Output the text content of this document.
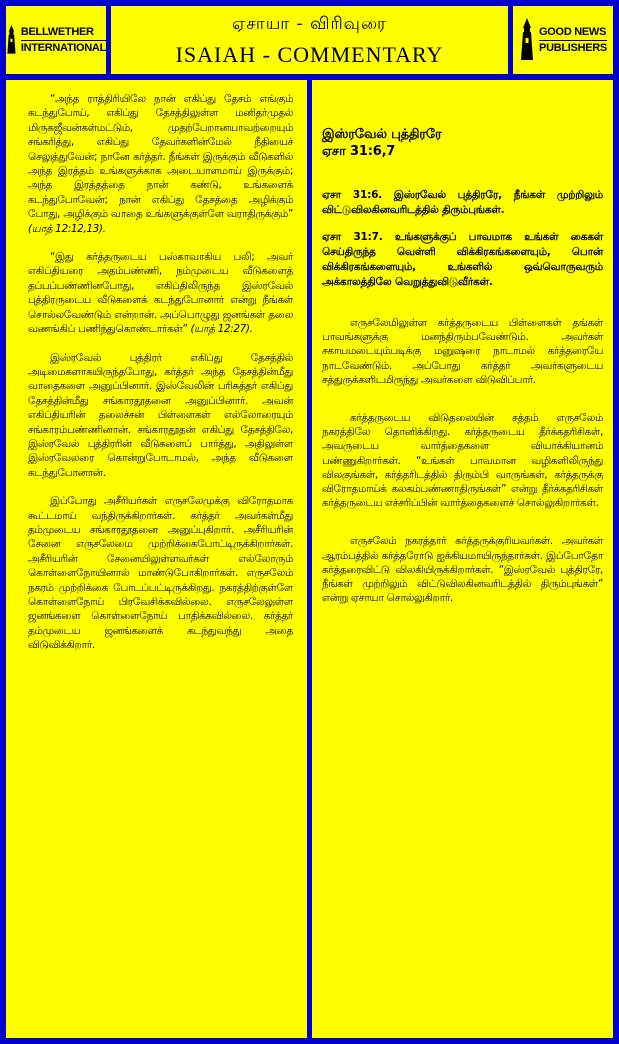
BELLWETHER
INTERNATIONAL
ஏசாயா - விரிவுரை
ISAIAH - COMMENTARY
GOOD NEWS
PUBLISHERS

“அந்த ராத்திரியிலே நான் எகிப்து தேசம் எங்கும் கடந்துபோய், எகிப்து தேசத்திலுள்ள மனிதர்முதல் மிருகஜீவன்கள்மட்டும், முதற்பேறானயாவற்றையும் சங்கரித்து, எகிப்து தேவர்களின்மேல் நீதியைச் செலுத்துவேன்; நானே கர்த்தர். நீங்கள் இருக்கும் வீடுகளில் அந்த இரத்தம் உங்களுக்காக அடையாளமாய் இருக்கும்; அந்த இரத்தத்தை நான் கண்டு, உங்களைக் கடந்துபோவேன்; நான் எகிப்து தேசத்தை அழிக்கும் போது, அழிக்கும் வாதை உங்களுக்குள்ளே வராதிருக்கும்” (யாத் 12:12,13).

“இது கர்த்தருடைய பஸ்காவாகிய பலி; அவர் எகிப்தியரை அதம்பண்ணி, நம்முடைய வீடுகளைத் தப்பப்பண்ணினபோது, எகிப்திலிருந்த இஸ்ரவேல் புத்திரருடைய வீடுகளைக் கடந்துபோனார் என்று நீங்கள் சொல்லவேண்டும் என்றான். அப்பொழுது ஜனங்கள் தலை வணங்கிப் பணிந்துகொண்டார்கள்” (யாத் 12:27).

இஸ்ரவேல் புத்திரர் எகிப்து தேசத்தில் அடிமைகளாகயிருந்தபோது, கர்த்தர் அந்த தேசத்தின்மீது வாதைகளை அனுப்பினார். இஸ்வேலின் பரிசுத்தர் எகிப்து தேசத்தின்மீது சங்காரதூதனை அனுப்பினார். அவன் எகிப்தியரின் தலைச்சன் பிள்ளைகள் எல்லோரையும் சங்காரம்பண்ணினான். சங்காரதூதன் எகிப்து தேசத்திலே, இஸ்ரவேல் புத்திரரின் வீடுகளைப் பார்த்து, அதிலுள்ள இஸ்ரவேலரை கொன்றுபோடாமல், அந்த வீடுகளை கடந்துபோனான்.

இப்போது அசீரியர்கள் எருசலேமுக்கு விரோதமாக கூட்டமாய் வந்திருக்கிறார்கள். கர்த்தர் அவர்கள்மீது தம்முடைய சங்காரதூதனை அனுப்புகிறார். அசீரியரின் சேனை எருசலேமை முற்றிக்கைபோட்டிருக்கிறார்கள். அசீரியரின் சேனையிலுள்ளவர்கள் எல்லோரும் கொள்ளைநோயினால் மாண்டுபோகிறார்கள். எருசலேம் நகரம் முற்றிக்கை போடப்பட்டிருக்கிறது. நகரத்திற்குள்ளே கொள்ளைநோய் பிரவேசிக்கவில்லை. எருசலேலுள்ள ஜனங்களை கொள்ளைநோய் பாதிக்கவில்லை. கர்த்தர் தம்முடைய ஜனங்களைக் கடந்துவந்து அதை விடுவிக்கிறார்.

இஸ்ரவேல் புத்திரரே
ஏசா 31:6,7

ஏசா 31:6. இஸ்ரவேல் புத்திரரே, நீங்கள் முற்றிலும் விட்டுவிலகினவரிடத்தில் திரும்புங்கள்.

ஏசா 31:7. உங்களுக்குப் பாவமாக உங்கள் கைகள் செய்திருந்த வெள்ளி விக்கிரகங்களையும், பொன் விக்கிரகங்களையும், உங்களில் ஒவ்வொருவரும் அக்காலத்திலே வெறுத்துவிடுவீர்கள்.

எருசலேமிலுள்ள கர்த்தருடைய பிள்ளைகள் தங்கள் பாவங்களுக்கு மனந்திரும்பவேண்டும். அவர்கள் சகாயமடையும்படிக்கு மனுஷரை நாடாமல் கர்த்தரையே நாடவேண்டும். அப்போது கர்த்தர் அவர்களுடைய சத்துருக்களிடமிருந்து அவர்களை விடுவிப்பார்.

கர்த்தருடைய விடுதலையின் சத்தம் எருசலேம் நகரத்திலே தொனிக்கிறது. கர்த்தருடைய தீர்க்கதரிசிகள், அவருடைய வார்த்தைகளை வியாக்கியானம் பண்ணுகிறார்கள். “உங்கள் பாவமான வழிகளிலிருந்து விலகுங்கள், கர்த்தரிடத்தில் திரும்பி வாருங்கள், கர்த்தருக்கு விரோதமாய்க் கலகம்பண்ணாதிருங்கள்” என்று தீர்க்கதரிசிகள் கர்த்தருடைய எச்சரிப்பின் வார்த்தைகளைச் சொல்லுகிறார்கள்.

எருசலேம் நகரத்தார் கர்த்தருக்குரியவர்கள். அவர்கள் ஆரம்பத்தில் கர்த்தரோடு ஐக்கியமாயிருந்தார்கள். இப்போதோ கர்த்தரைவிட்டு விலகியிருக்கிறார்கள். “இஸ்ரவேல் புத்திரரே, நீங்கள் முற்றிலும் விட்டுவிலகினவரிடத்தில் திரும்புங்கள்” என்று ஏசாயா சொல்லுகிறார்.
